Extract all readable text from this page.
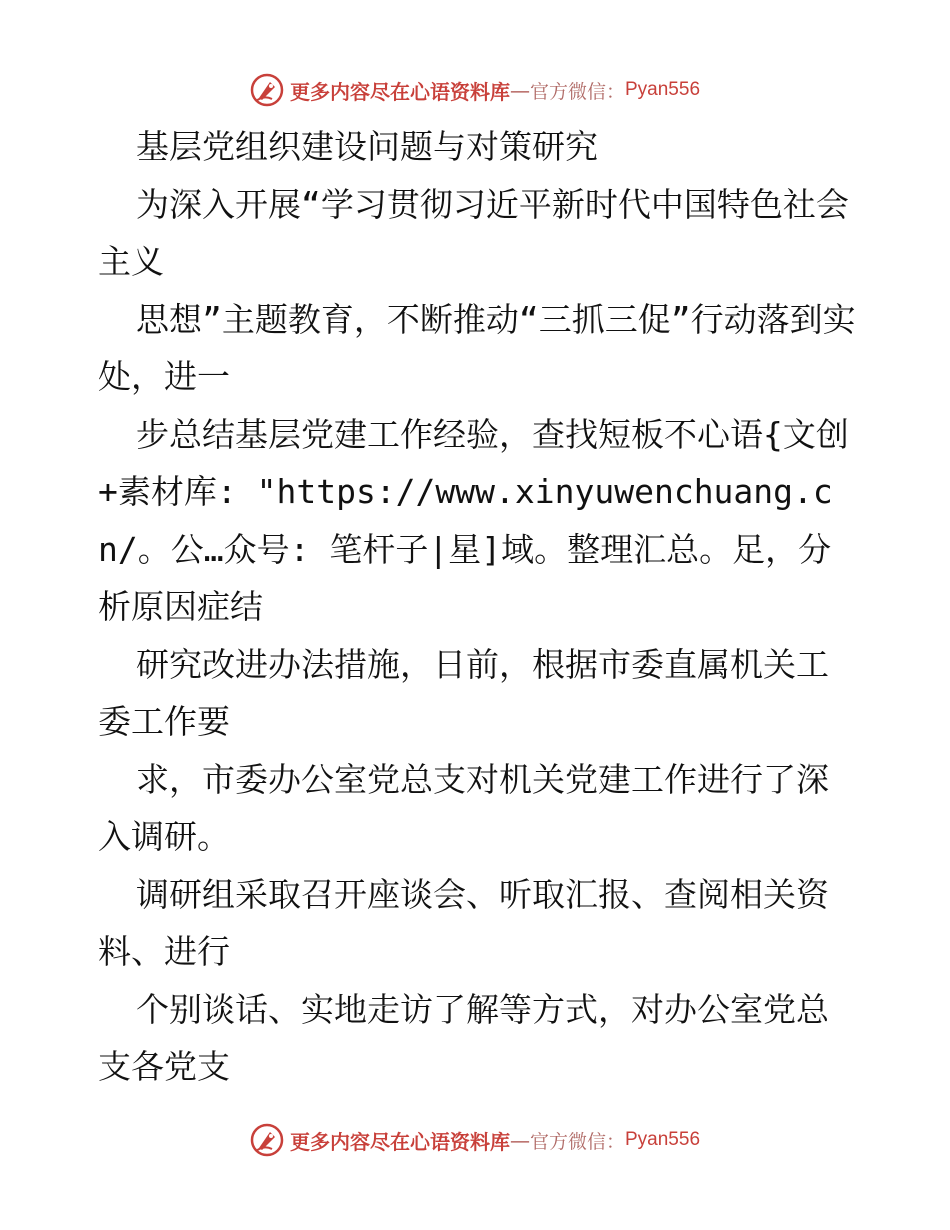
更多内容尽在心语资料库 — 官方微信： Pyan556

基层党组织建设问题与对策研究

为深入开展“学习贯彻习近平新时代中国特色社会主义

思想”主题教育，不断推动“三抓三促”行动落到实处，进一

步总结基层党建工作经验，查找短板不心语{文创+素材库: "https://www.xinyuwenchuang.cn/。公…众号: 笔杆子|星]域。整理汇总。足，分析原因症结

研究改进办法措施，日前，根据市委直属机关工委工作要

求，市委办公室党总支对机关党建工作进行了深入调研。

调研组采取召开座谈会、听取汇报、查阅相关资料、进行

个别谈话、实地走访了解等方式，对办公室党总支各党支

更多内容尽在心语资料库 — 官方微信： Pyan556
